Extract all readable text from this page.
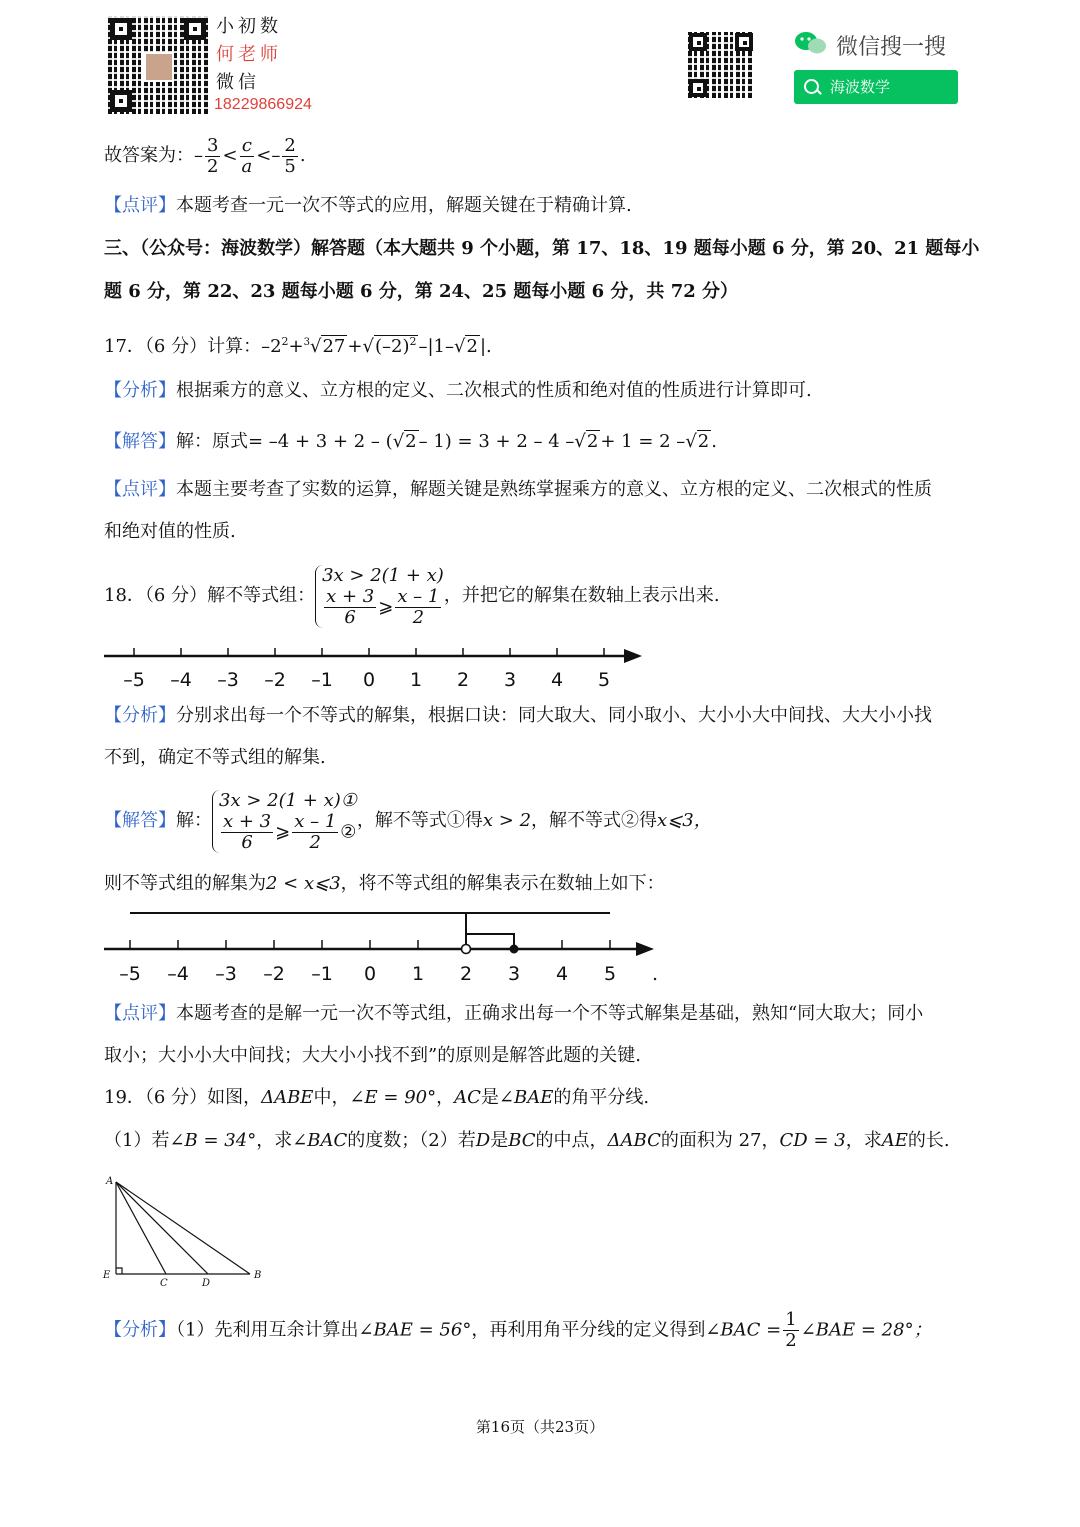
小初数
何老师
微信
18229866924
微信搜一搜
海波数学
故答案为：– $\frac{3}{2} < \frac{c}{a} <- \frac{2}{5}$ .
【点评】本题考查一元一次不等式的应用，解题关键在于精确计算.
三、（公众号：海波数学）解答题（本大题共 9 个小题，第 17、18、19 题每小题 6 分，第 20、21 题每小
题 6 分，第 22、23 题每小题 6 分，第 24、25 题每小题 6 分，共 72 分）
17．（6 分）计算：$-2^2+^3√27 +√(-2)^2$ –|1–√2 |.
【分析】根据乘方的意义、立方根的定义、二次根式的性质和绝对值的性质进行计算即可.
【解答】解：原式= –4 + 3 + 2 – (√2 – 1) = 3 + 2 – 4 –√2 + 1 = 2 –√2 .
【点评】本题主要考查了实数的运算，解题关键是熟练掌握乘方的意义、立方根的定义、二次根式的性质
和绝对值的性质.
18．（6 分）解不等式组：
3x > 2(1 + x)
$\frac{x + 3}{6}$ ⩾ $\frac{x - 1}{2}$ ，并把它的解集在数轴上表示出来.
–5 –4 –3 –2 –1 0 1 2 3 4 5
【分析】分别求出每一个不等式的解集，根据口诀：同大取大、同小取小、大小小大中间找、大大小小找
不到，确定不等式组的解集.
【解答】解：
3x > 2(1 + x)①
$\frac{x + 3}{6}$ ⩾ $\frac{x - 1}{2}$ ②
，解不等式①得x > 2，解不等式②得x⩽3，
则不等式组的解集为2 < x⩽3，将不等式组的解集表示在数轴上如下：
–5 –4 –3 –2 –1 0 1 2 3 4 5 .
【点评】本题考查的是解一元一次不等式组，正确求出每一个不等式解集是基础，熟知“同大取大；同小
取小；大小小大中间找；大大小小找不到”的原则是解答此题的关键.
19．（6 分）如图，ΔABE中，∠E = 90°，AC是∠BAE的角平分线.
（1）若∠B = 34°，求∠BAC的度数；（2）若D是BC的中点，ΔABC的面积为 27，CD = 3，求AE的长.
A
E
C	D
B
【分析】（1）先利用互余计算出∠BAE = 56°，再利用角平分线的定义得到∠BAC = $\frac{1}{2}$ ∠BAE = 28°；
第16页（共23页）
